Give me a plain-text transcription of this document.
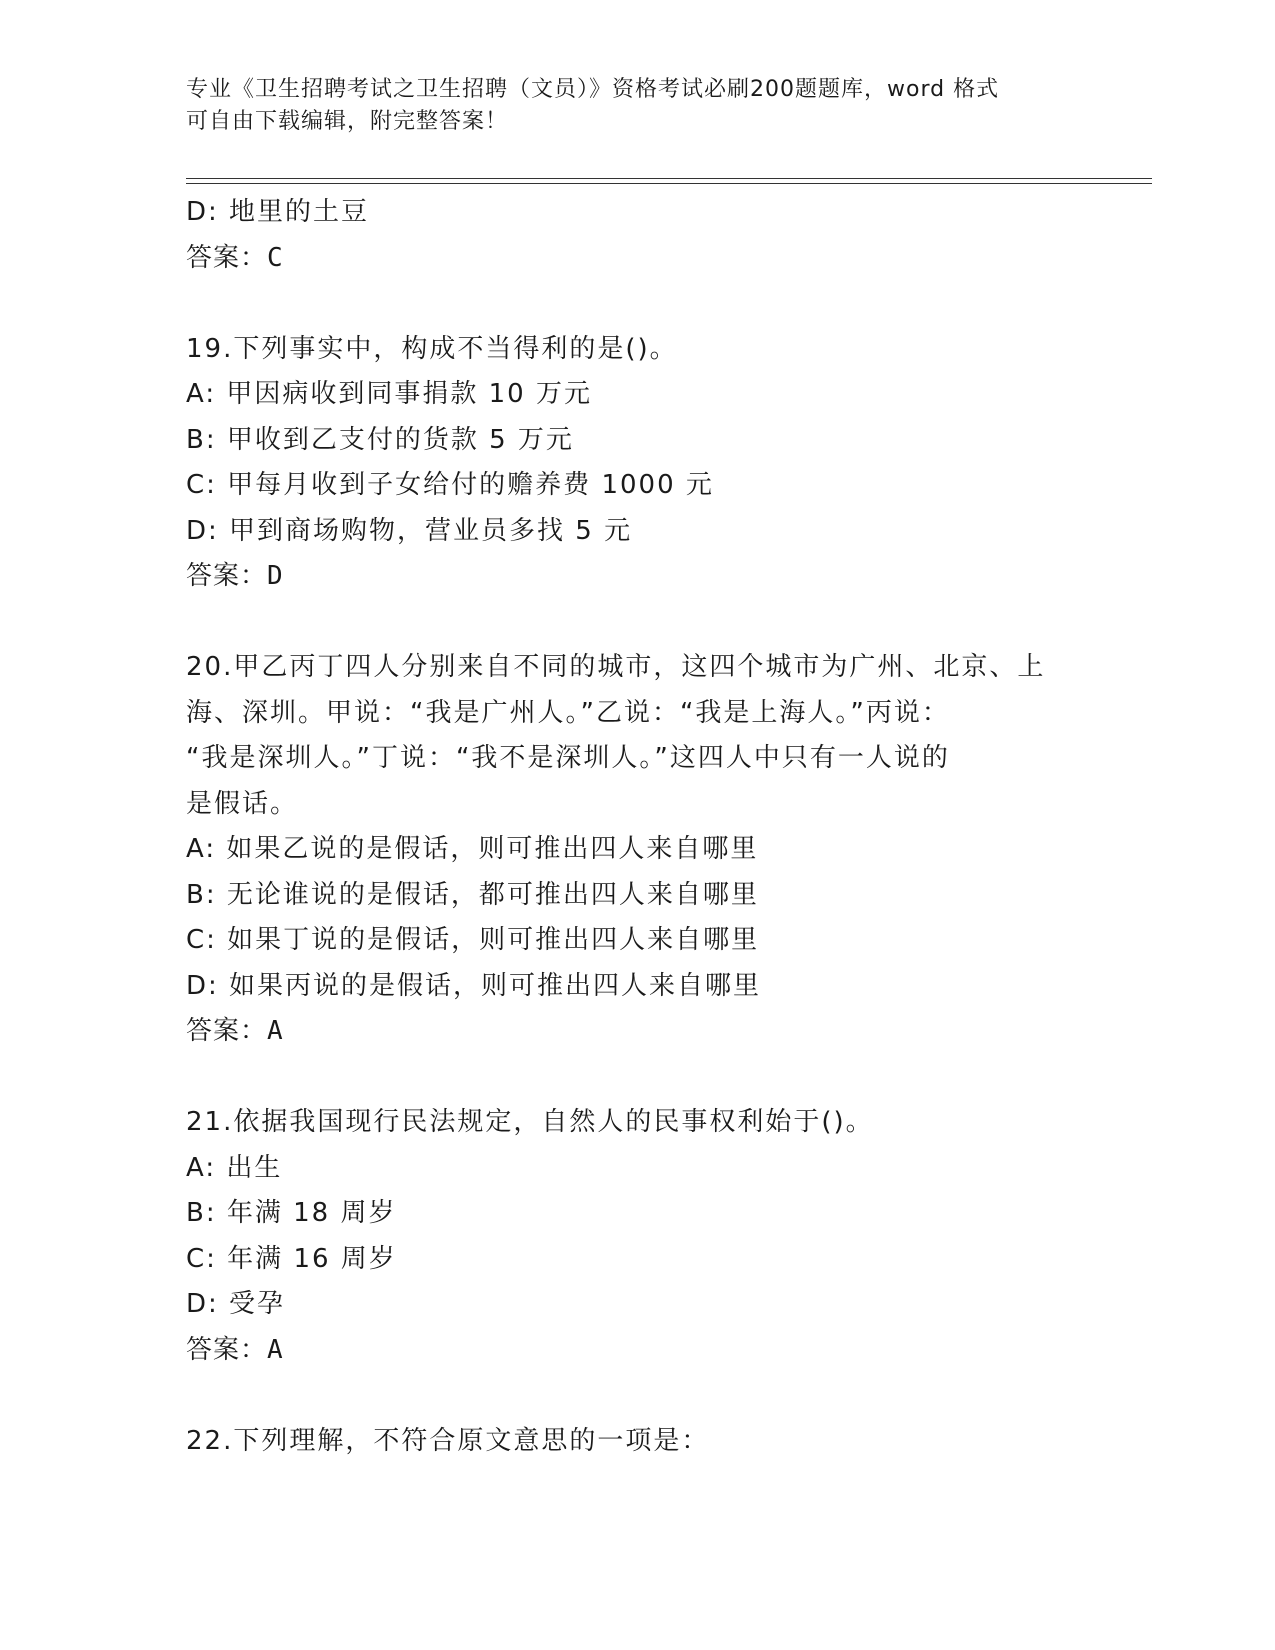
专业《卫生招聘考试之卫生招聘（文员）》资格考试必刷200题题库，word 格式
可自由下载编辑，附完整答案！
D: 地里的土豆
答案：C
19.下列事实中，构成不当得利的是()。
A: 甲因病收到同事捐款 10 万元
B: 甲收到乙支付的货款 5 万元
C: 甲每月收到子女给付的赡养费 1000 元
D: 甲到商场购物，营业员多找 5 元
答案：D
20.甲乙丙丁四人分别来自不同的城市，这四个城市为广州、北京、上
海、深圳。甲说：“我是广州人。”乙说：“我是上海人。”丙说：
“我是深圳人。”丁说：“我不是深圳人。”这四人中只有一人说的
是假话。
A: 如果乙说的是假话，则可推出四人来自哪里
B: 无论谁说的是假话，都可推出四人来自哪里
C: 如果丁说的是假话，则可推出四人来自哪里
D: 如果丙说的是假话，则可推出四人来自哪里
答案：A
21.依据我国现行民法规定，自然人的民事权利始于()。
A: 出生
B: 年满 18 周岁
C: 年满 16 周岁
D: 受孕
答案：A
22.下列理解，不符合原文意思的一项是：
